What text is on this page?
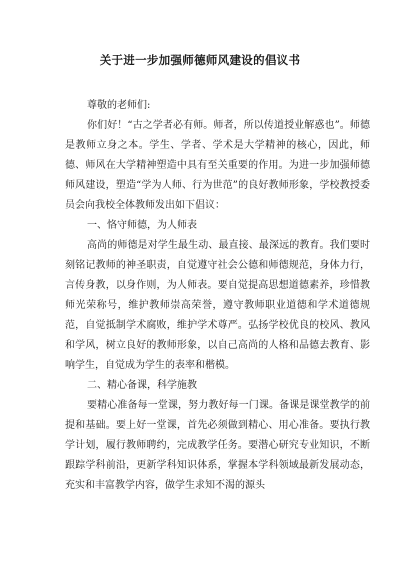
关于进一步加强师德师风建设的倡议书

尊敬的老师们:

你们好！“古之学者必有师。师者，所以传道授业解惑也”。师德是教师立身之本。学生、学者、学术是大学精神的核心，因此，师德、师风在大学精神塑造中具有至关重要的作用。为进一步加强师德师风建设，塑造“学为人师、行为世范”的良好教师形象，学校教授委员会向我校全体教师发出如下倡议：

一、恪守师德，为人师表

高尚的师德是对学生最生动、最直接、最深远的教育。我们要时刻铭记教师的神圣职责，自觉遵守社会公德和师德规范，身体力行，言传身教，以身作则，为人师表。要自觉提高思想道德素养，珍惜教师光荣称号，维护教师崇高荣誉，遵守教师职业道德和学术道德规范，自觉抵制学术腐败，维护学术尊严。弘扬学校优良的校风、教风和学风，树立良好的教师形象，以自己高尚的人格和品德去教育、影响学生，自觉成为学生的表率和楷模。

二、精心备课，科学施教

要精心准备每一堂课，努力教好每一门课。备课是课堂教学的前提和基础。要上好一堂课，首先必须做到精心、用心准备。要执行教学计划，履行教师聘约，完成教学任务。要潜心研究专业知识，不断跟踪学科前沿，更新学科知识体系，掌握本学科领域最新发展动态，充实和丰富教学内容，做学生求知不渴的源头
